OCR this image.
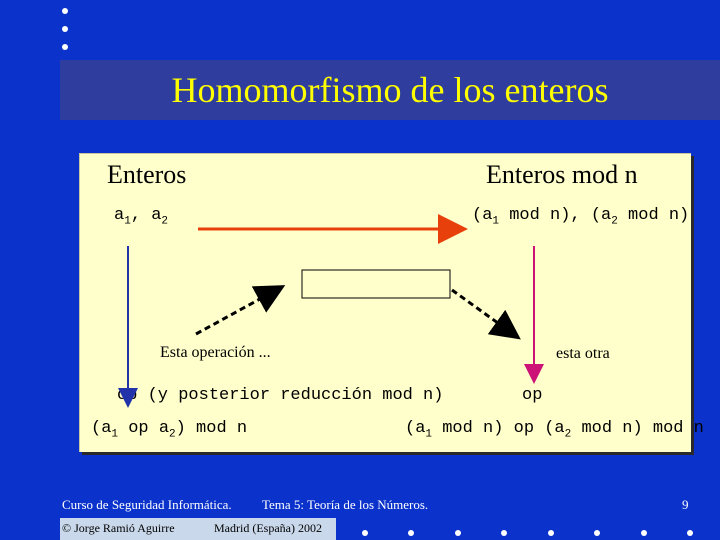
Homomorfismo de los enteros
Enteros	Enteros mod n
$a_1$, $a_2$	($a_1$ mod n), ($a_2$ mod n)
Esta operación ...	esta otra
op (y posterior reducción mod n)	op
($a_1$ op $a_2$) mod n	($a_1$ mod n) op ($a_2$ mod n) mod n
Curso de Seguridad Informática. Tema 5: Teoría de los Números.	9
© Jorge Ramió Aguirre	Madrid (España) 2002
